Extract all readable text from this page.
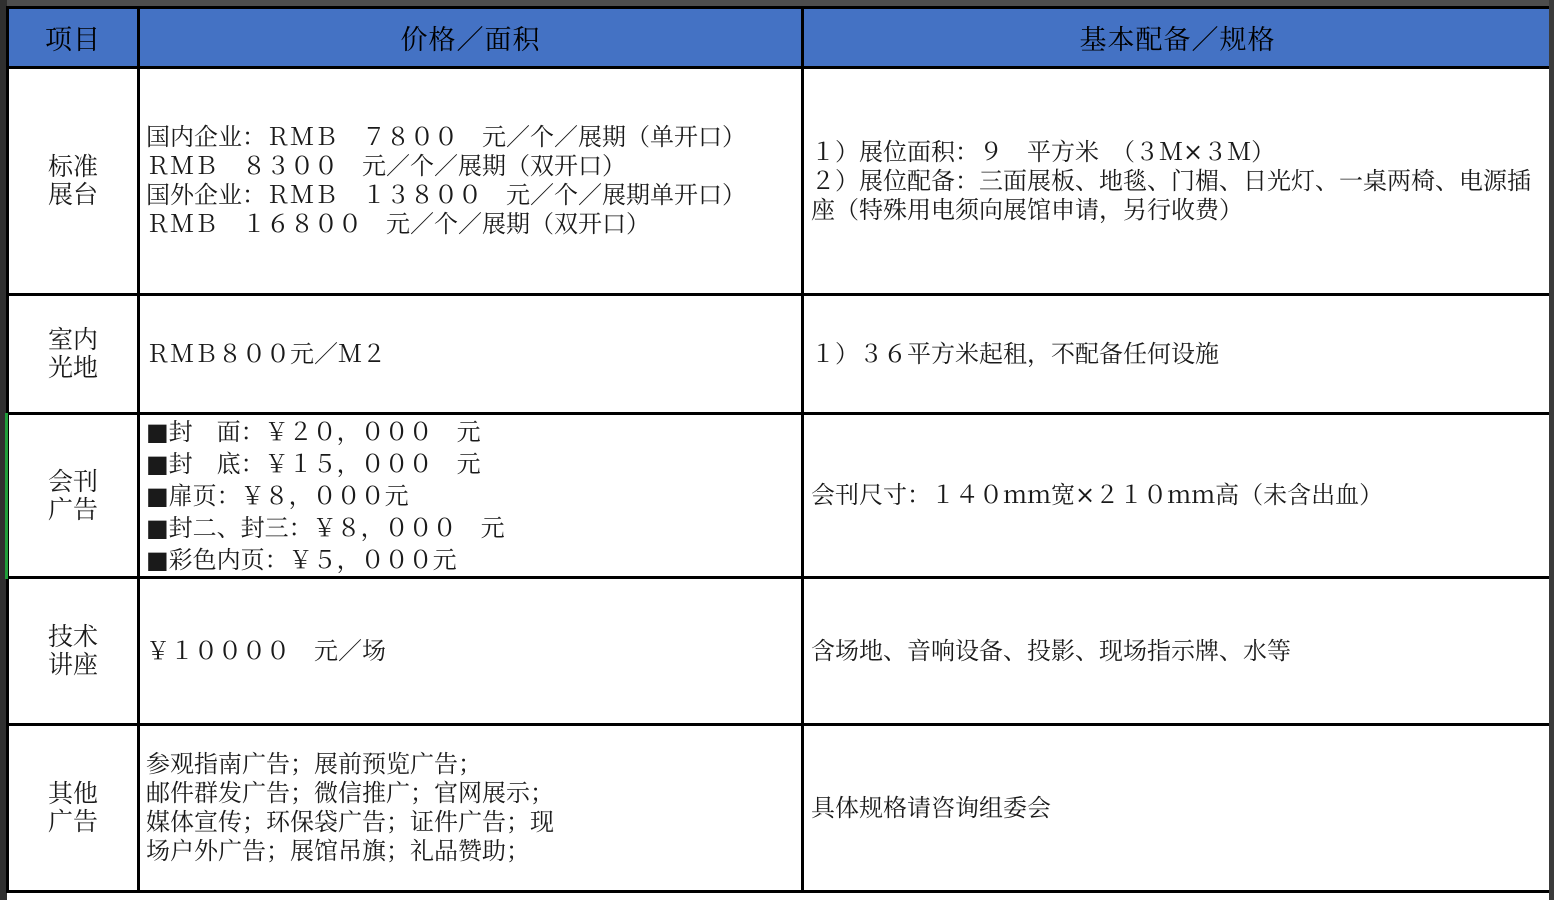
项目	价格／面积	基本配备／规格

标准
展台	国内企业：ＲＭＢ　７８００　元／个／展期（单开口）
ＲＭＢ　８３００　元／个／展期（双开口）
国外企业：ＲＭＢ　１３８００　元／个／展期单开口）
ＲＭＢ　１６８００　元／个／展期（双开口）	１）展位面积：９　平方米　（３Ｍ×３Ｍ）
２）展位配备：三面展板、地毯、门楣、日光灯、一桌两椅、电源插座（特殊用电须向展馆申请，另行收费）

室内
光地	ＲＭＢ８００元／Ｍ２	１）３６平方米起租，不配备任何设施

会刊
广告	■封　面：￥２０，０００　元
■封　底：￥１５，０００　元
■扉页：￥８，０００元
■封二、封三：￥８，０００　元
■彩色内页：￥５，０００元	会刊尺寸：１４０ｍｍ宽×２１０ｍｍ高（未含出血）

技术
讲座	￥１００００　元／场	含场地、音响设备、投影、现场指示牌、水等

其他
广告	参观指南广告；展前预览广告；
邮件群发广告；微信推广；官网展示；
媒体宣传；环保袋广告；证件广告；现场户外广告；展馆吊旗；礼品赞助；	具体规格请咨询组委会
